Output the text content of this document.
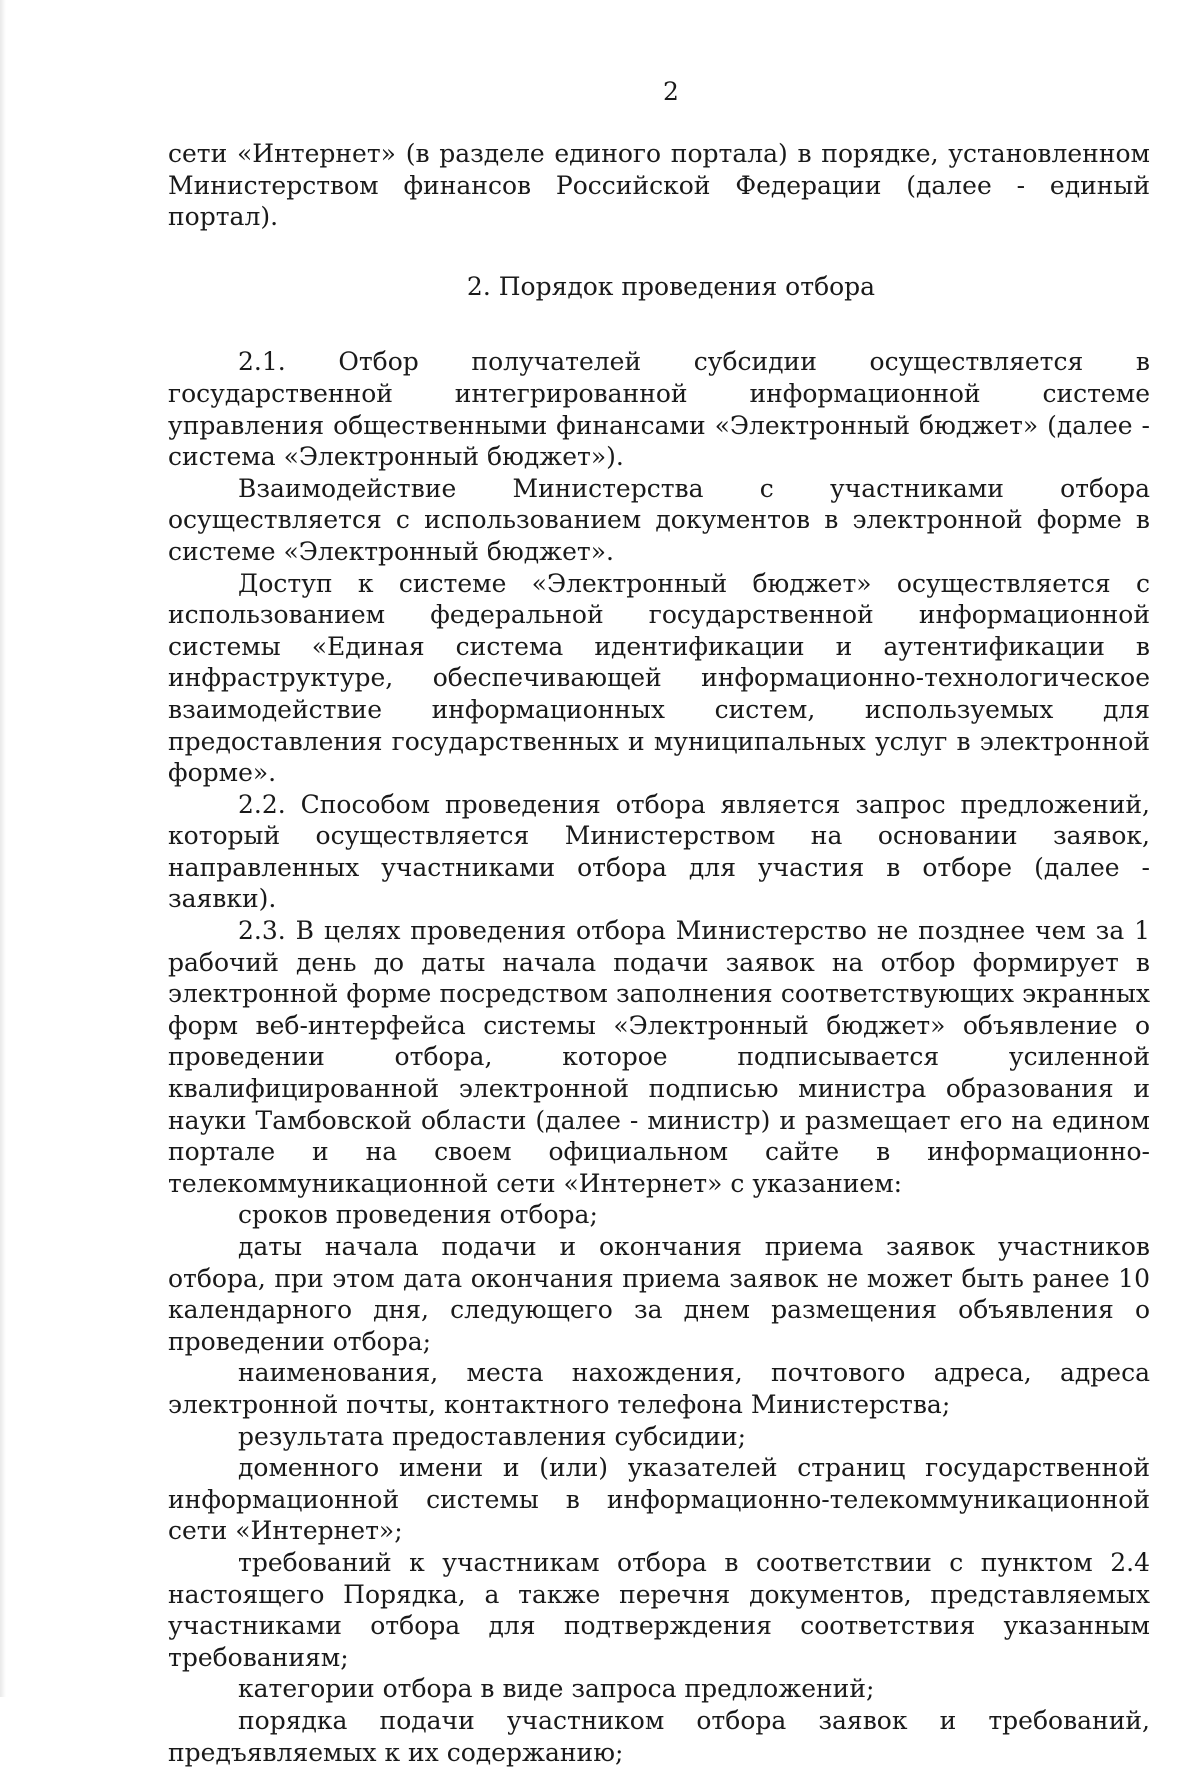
2

сети «Интернет» (в разделе единого портала) в порядке, установленном Министерством финансов Российской Федерации (далее - единый портал).

2. Порядок проведения отбора

2.1. Отбор получателей субсидии осуществляется в государственной интегрированной информационной системе управления общественными финансами «Электронный бюджет» (далее - система «Электронный бюджет»).

Взаимодействие Министерства с участниками отбора осуществляется с использованием документов в электронной форме в системе «Электронный бюджет».

Доступ к системе «Электронный бюджет» осуществляется с использованием федеральной государственной информационной системы «Единая система идентификации и аутентификации в инфраструктуре, обеспечивающей информационно-технологическое взаимодействие информационных систем, используемых для предоставления государственных и муниципальных услуг в электронной форме».

2.2. Способом проведения отбора является запрос предложений, который осуществляется Министерством на основании заявок, направленных участниками отбора для участия в отборе (далее - заявки).

2.3. В целях проведения отбора Министерство не позднее чем за 1 рабочий день до даты начала подачи заявок на отбор формирует в электронной форме посредством заполнения соответствующих экранных форм веб-интерфейса системы «Электронный бюджет» объявление о проведении отбора, которое подписывается усиленной квалифицированной электронной подписью министра образования и науки Тамбовской области (далее - министр) и размещает его на едином портале и на своем официальном сайте в информационно-телекоммуникационной сети «Интернет» с указанием:

сроков проведения отбора;

даты начала подачи и окончания приема заявок участников отбора, при этом дата окончания приема заявок не может быть ранее 10 календарного дня, следующего за днем размещения объявления о проведении отбора;

наименования, места нахождения, почтового адреса, адреса электронной почты, контактного телефона Министерства;

результата предоставления субсидии;

доменного имени и (или) указателей страниц государственной информационной системы в информационно-телекоммуникационной сети «Интернет»;

требований к участникам отбора в соответствии с пунктом 2.4 настоящего Порядка, а также перечня документов, представляемых участниками отбора для подтверждения соответствия указанным требованиям;

категории отбора в виде запроса предложений;

порядка подачи участником отбора заявок и требований, предъявляемых к их содержанию;
